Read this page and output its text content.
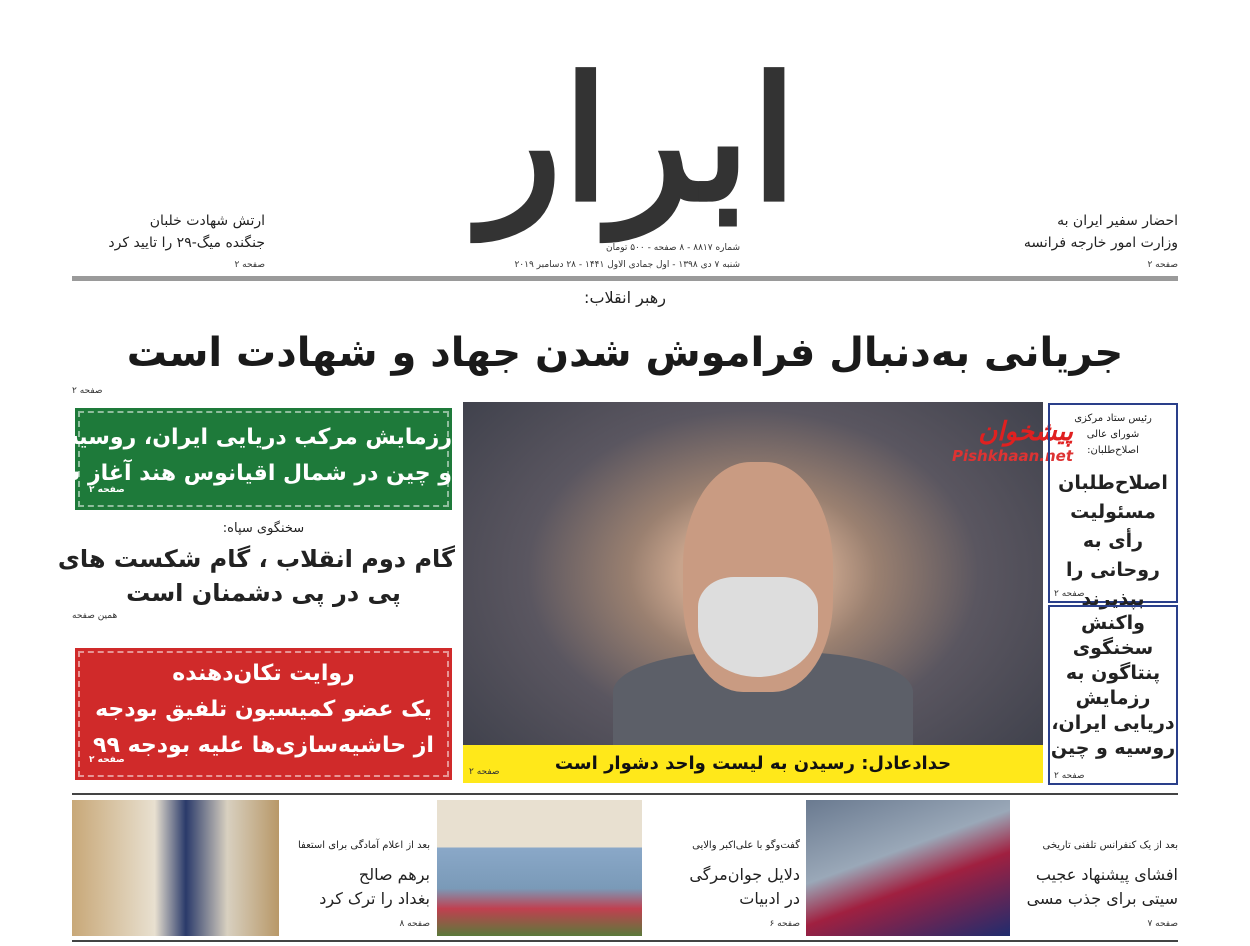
ابرار
شماره ۸۸۱۷ - ۸ صفحه - ۵۰۰ تومان
شنبه ۷ دی ۱۳۹۸ - اول جمادی الاول ۱۴۴۱ - ۲۸ دسامبر ۲۰۱۹
ارتش شهادت خلبان
جنگنده میگ-۲۹ را تایید کرد
صفحه ۲
احضار سفیر ایران به
وزارت امور خارجه فرانسه
صفحه ۲
رهبر انقلاب:
جریانی به‌دنبال فراموش شدن جهاد و شهادت است
صفحه ۲
رزمایش مرکب دریایی ایران، روسیه
و چین در شمال اقیانوس هند آغاز شد
صفحه ۲
سخنگوی سپاه:
گام دوم انقلاب ، گام شکست های
پی در پی دشمنان است
همین صفحه
روایت تکان‌دهنده
یک عضو کمیسیون تلفیق بودجه
از حاشیه‌سازی‌ها علیه بودجه ۹۹
صفحه ۲
پیشخوان
Pishkhaan.net
حدادعادل: رسیدن به لیست واحد دشوار است
صفحه ۲
رئیس ستاد مرکزی شورای عالی اصلاح‌طلبان:
اصلاح‌طلبان مسئولیت رأی به روحانی را بپذیرند
صفحه ۲
واکنش سخنگوی پنتاگون به رزمایش دریایی ایران، روسیه و چین
صفحه ۲
بعد از یک کنفرانس تلفنی تاریخی
افشای پیشنهاد عجیب
سیتی برای جذب مسی
صفحه ۷
گفت‌وگو با علی‌اکبر والایی
دلایل جوان‌مرگی
در ادبیات
صفحه ۶
بعد از اعلام آمادگی برای استعفا
برهم صالح
بغداد را ترک کرد
صفحه ۸
